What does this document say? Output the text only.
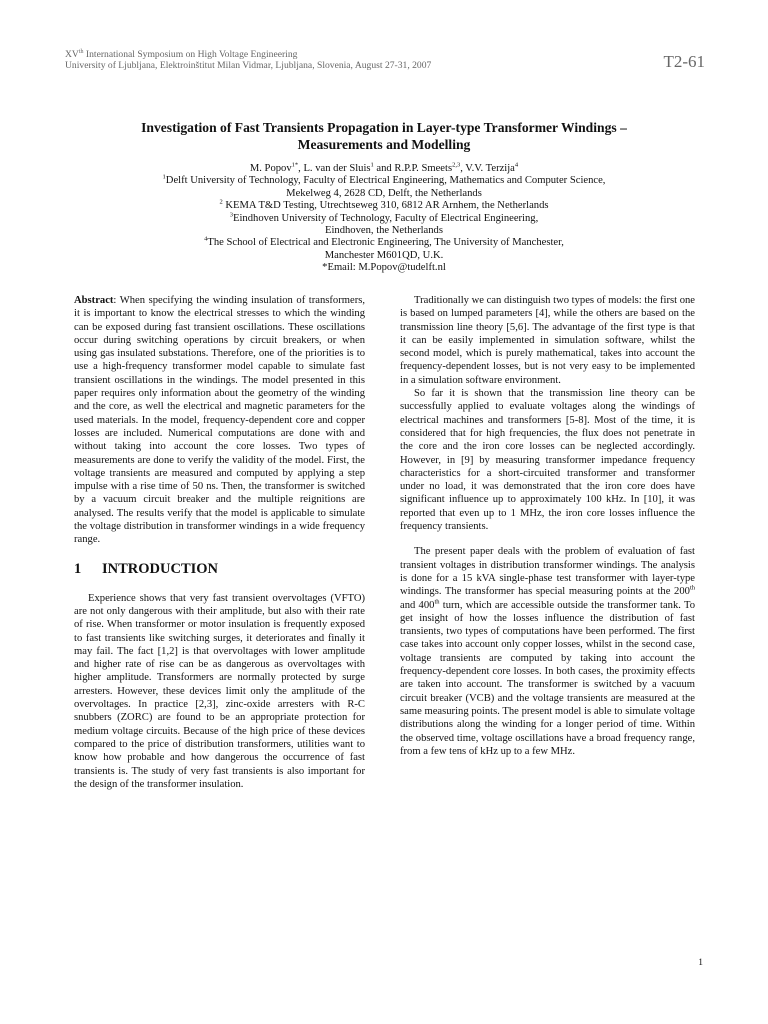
XVth International Symposium on High Voltage Engineering
University of Ljubljana, Elektroinštitut Milan Vidmar, Ljubljana, Slovenia, August 27-31, 2007	T2-61
Investigation of Fast Transients Propagation in Layer-type Transformer Windings –
Measurements and Modelling

M. Popov$^{1*}$, L. van der Sluis$^1$ and R.P.P. Smeets$^{2,3}$, V.V. Terzija$^4$

$^1$Delft University of Technology, Faculty of Electrical Engineering, Mathematics and Computer Science,
Mekelweg 4, 2628 CD, Delft, the Netherlands

$^2$ KEMA T&D Testing, Utrechtseweg 310, 6812 AR Arnhem, the Netherlands

$^3$Eindhoven University of Technology, Faculty of Electrical Engineering,
Eindhoven, the Netherlands

$^4$The School of Electrical and Electronic Engineering, The University of Manchester,
Manchester M601QD, U.K.

*Email: M.Popov@tudelft.nl

Abstract: When specifying the winding insulation of transformers, it is important to know the electrical stresses to which the winding can be exposed during fast transient oscillations. These oscillations occur during switching operations by circuit breakers, or when using gas insulated substations. Therefore, one of the priorities is to use a high-frequency transformer model capable to simulate fast transient oscillations in the windings. The model presented in this paper requires only information about the geometry of the winding and the core, as well the electrical and magnetic parameters for the used materials. In the model, frequency-dependent core and copper losses are included. Numerical computations are done with and without taking into account the core losses. Two types of measurements are done to verify the validity of the model. First, the voltage transients are measured and computed by applying a step impulse with a rise time of 50 ns. Then, the transformer is switched by a vacuum circuit breaker and the multiple reignitions are analysed. The results verify that the model is applicable to simulate the voltage distribution in transformer windings in a wide frequency range.

1 INTRODUCTION

Experience shows that very fast transient overvoltages (VFTO) are not only dangerous with their amplitude, but also with their rate of rise. When transformer or motor insulation is frequently exposed to fast transients like switching surges, it deteriorates and finally it may fail. The fact [1,2] is that overvoltages with lower amplitude and higher rate of rise can be as dangerous as overvoltages with higher amplitude. Transformers are normally protected by surge arresters. However, these devices limit only the amplitude of the overvoltages. In practice [2,3], zinc-oxide arresters with R-C snubbers (ZORC) are found to be an appropriate protection for medium voltage circuits. Because of the high price of these devices compared to the price of distribution transformers, utilities want to know how probable and how dangerous the occurrence of fast transients is. The study of very fast transients is also important for the design of the transformer insulation.

Traditionally we can distinguish two types of models: the first one is based on lumped parameters [4], while the others are based on the transmission line theory [5,6]. The advantage of the first type is that it can be easily implemented in simulation software, whilst the second model, which is purely mathematical, takes into account the frequency-dependent losses, but is not very easy to be implemented in a simulation software environment.

So far it is shown that the transmission line theory can be successfully applied to evaluate voltages along the windings of electrical machines and transformers [5-8]. Most of the time, it is considered that for high frequencies, the flux does not penetrate in the core and the iron core losses can be neglected accordingly. However, in [9] by measuring transformer impedance frequency characteristics for a short-circuited transformer and transformer under no load, it was demonstrated that the iron core does have significant influence up to approximately 100 kHz. In [10], it was reported that even up to 1 MHz, the iron core losses influence the frequency transients.

The present paper deals with the problem of evaluation of fast transient voltages in distribution transformer windings. The analysis is done for a 15 kVA single-phase test transformer with layer-type windings. The transformer has special measuring points at the 200th and 400th turn, which are accessible outside the transformer tank. To get insight of how the losses influence the distribution of fast transients, two types of computations have been performed. The first case takes into account only copper losses, whilst in the second case, voltage transients are computed by taking into account the frequency-dependent core losses. In both cases, the proximity effects are taken into account. The transformer is switched by a vacuum circuit breaker (VCB) and the voltage transients are measured at the same measuring points. The present model is able to simulate voltage distributions along the winding for a longer period of time. Within the observed time, voltage oscillations have a broad frequency range, from a few tens of kHz up to a few MHz.

1
